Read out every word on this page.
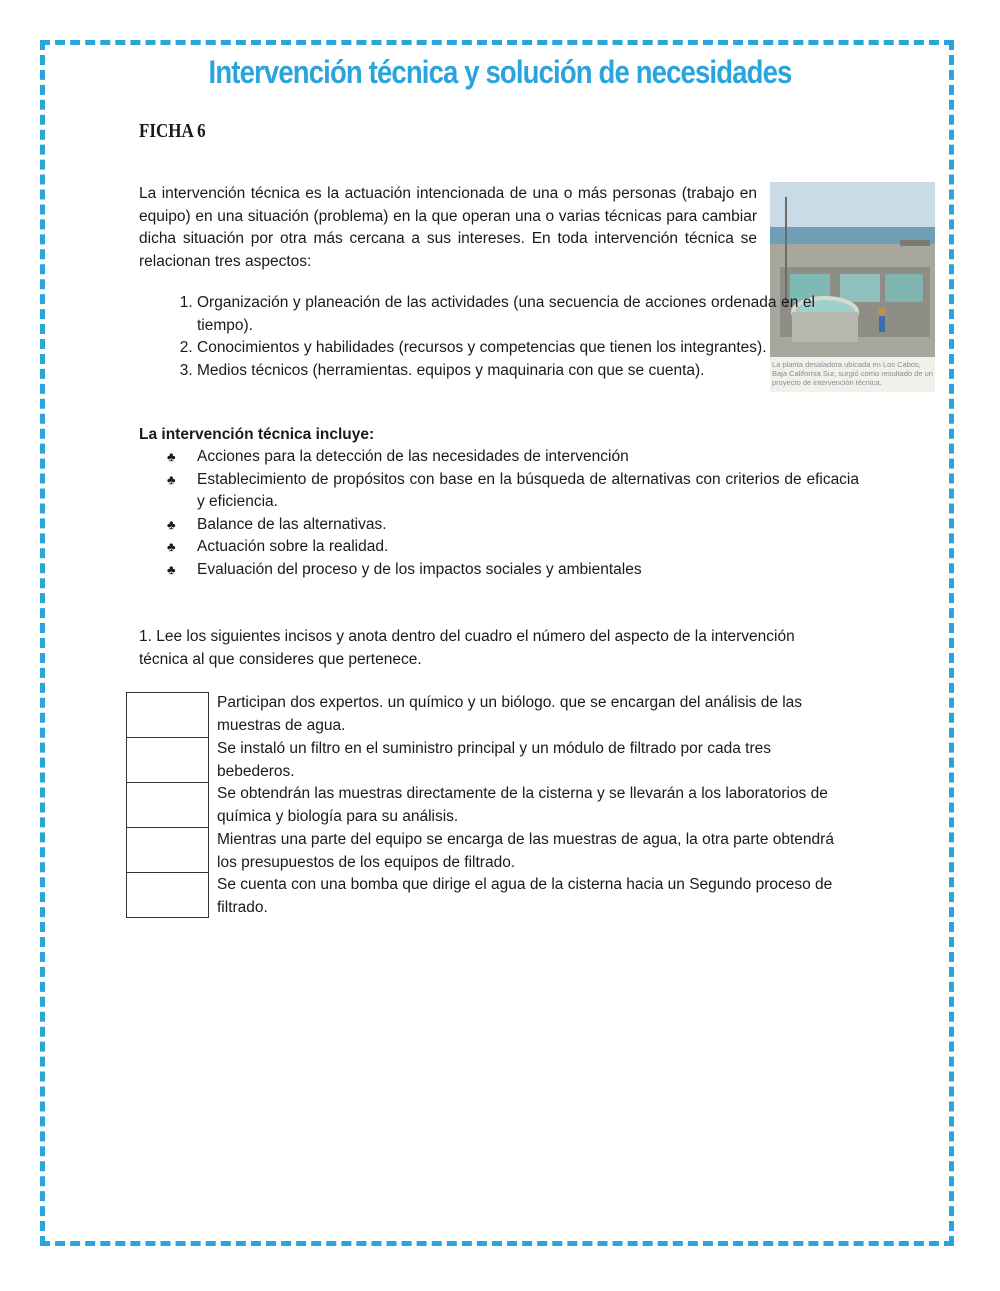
Intervención técnica y solución de necesidades
FICHA 6
La intervención técnica es la actuación intencionada de una o más personas (trabajo en equipo) en una situación (problema) en la que operan una o varias técnicas para cambiar dicha situación por otra más cercana a sus intereses. En toda intervención técnica se relacionan tres aspectos:
La planta desaladora ubicada en Los Cabos, Baja California Sur, surgió como resultado de un proyecto de intervención técnica.
1. Organización y planeación de las actividades (una secuencia de acciones ordenada en el tiempo).
2. Conocimientos y habilidades (recursos y competencias que tienen los integrantes).
3. Medios técnicos (herramientas. equipos y maquinaria con que se cuenta).
La intervención técnica incluye:
♣ Acciones para la detección de las necesidades de intervención
♣ Establecimiento de propósitos con base en la búsqueda de alternativas con criterios de eficacia y eficiencia.
♣ Balance de las alternativas.
♣ Actuación sobre la realidad.
♣ Evaluación del proceso y de los impactos sociales y ambientales
1. Lee los siguientes incisos y anota dentro del cuadro el número del aspecto de la intervención técnica al que consideres que pertenece.
Participan dos expertos. un químico y un biólogo. que se encargan del análisis de las muestras de agua.
Se instaló un filtro en el suministro principal y un módulo de filtrado por cada tres bebederos.
Se obtendrán las muestras directamente de la cisterna y se llevarán a los laboratorios de química y biología para su análisis.
Mientras una parte del equipo se encarga de las muestras de agua, la otra parte obtendrá los presupuestos de los equipos de filtrado.
Se cuenta con una bomba que dirige el agua de la cisterna hacia un Segundo proceso de filtrado.
